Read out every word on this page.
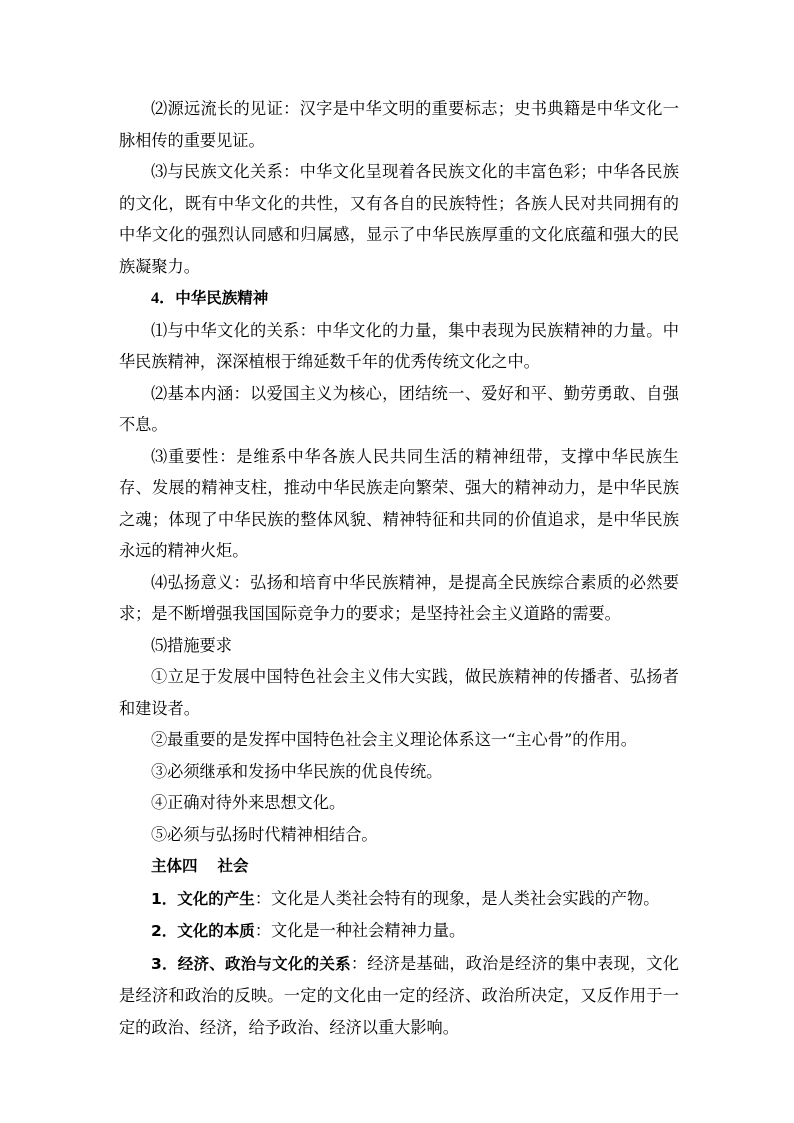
⑵源远流长的见证：汉字是中华文明的重要标志；史书典籍是中华文化一脉相传的重要见证。

⑶与民族文化关系：中华文化呈现着各民族文化的丰富色彩；中华各民族的文化，既有中华文化的共性，又有各自的民族特性；各族人民对共同拥有的中华文化的强烈认同感和归属感，显示了中华民族厚重的文化底蕴和强大的民族凝聚力。

4．中华民族精神

⑴与中华文化的关系：中华文化的力量，集中表现为民族精神的力量。中华民族精神，深深植根于绵延数千年的优秀传统文化之中。

⑵基本内涵：以爱国主义为核心，团结统一、爱好和平、勤劳勇敢、自强不息。

⑶重要性：是维系中华各族人民共同生活的精神纽带，支撑中华民族生存、发展的精神支柱，推动中华民族走向繁荣、强大的精神动力，是中华民族之魂；体现了中华民族的整体风貌、精神特征和共同的价值追求，是中华民族永远的精神火炬。

⑷弘扬意义：弘扬和培育中华民族精神，是提高全民族综合素质的必然要求；是不断增强我国国际竞争力的要求；是坚持社会主义道路的需要。

⑸措施要求

①立足于发展中国特色社会主义伟大实践，做民族精神的传播者、弘扬者和建设者。

②最重要的是发挥中国特色社会主义理论体系这一“主心骨”的作用。

③必须继承和发扬中华民族的优良传统。

④正确对待外来思想文化。

⑤必须与弘扬时代精神相结合。

主体四 社会

1．文化的产生：文化是人类社会特有的现象，是人类社会实践的产物。

2．文化的本质：文化是一种社会精神力量。

3．经济、政治与文化的关系：经济是基础，政治是经济的集中表现，文化是经济和政治的反映。一定的文化由一定的经济、政治所决定，又反作用于一定的政治、经济，给予政治、经济以重大影响。
